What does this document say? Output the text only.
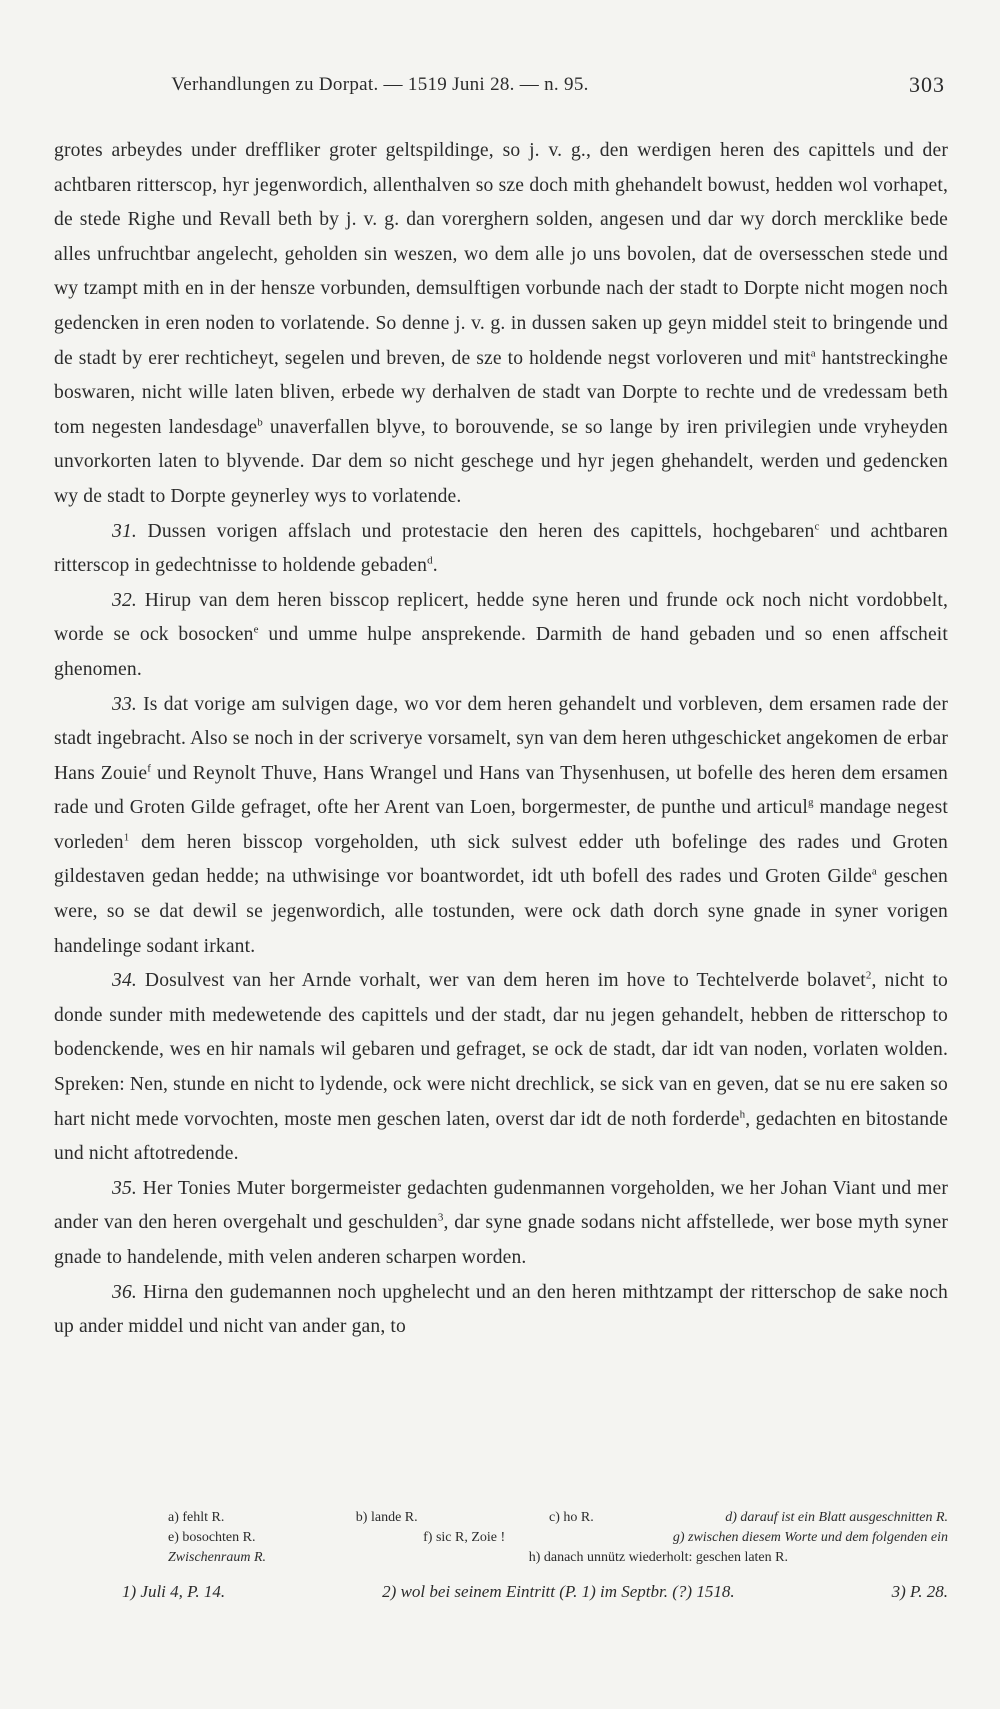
Verhandlungen zu Dorpat. — 1519 Juni 28. — n. 95.	303

grotes arbeydes under dreffliker groter geltspildinge, so j. v. g., den werdigen heren des capittels und der achtbaren ritterscop, hyr jegenwordich, allenthalven so sze doch mith ghehandelt bowust, hedden wol vorhapet, de stede Righe und Revall beth by j. v. g. dan vorerghern solden, angesen und dar wy dorch mercklike bede alles unfruchtbar angelecht, geholden sin weszen, wo dem alle jo uns bovolen, dat de oversesschen stede und wy tzampt mith en in der hensze vorbunden, demsulftigen vorbunde nach der stadt to Dorpte nicht mogen noch gedencken in eren noden to vorlatende. So denne j. v. g. in dussen saken up geyn middel steit to bringende und de stadt by erer rechticheyt, segelen und breven, de sze to holdende negst vorloveren und mit$^a$ hantstreckinghe boswaren, nicht wille laten bliven, erbede wy derhalven de stadt van Dorpte to rechte und de vredessam beth tom negesten landesdage$^b$ unaverfallen blyve, to borouvende, se so lange by iren privilegien unde vryheyden unvorkorten laten to blyvende. Dar dem so nicht geschege und hyr jegen ghehandelt, werden und gedencken wy de stadt to Dorpte geynerley wys to vorlatende.

31. Dussen vorigen affslach und protestacie den heren des capittels, hochgebaren$^c$ und achtbaren ritterscop in gedechtnisse to holdende gebaden$^d$.

32. Hirup van dem heren bisscop replicert, hedde syne heren und frunde ock noch nicht vordobbelt, worde se ock bosocken$^e$ und umme hulpe ansprekende. Darmith de hand gebaden und so enen affscheit ghenomen.

33. Is dat vorige am sulvigen dage, wo vor dem heren gehandelt und vorbleven, dem ersamen rade der stadt ingebracht. Also se noch in der scriverye vorsamelt, syn van dem heren uthgeschicket angekomen de erbar Hans Zouie$^f$ und Reynolt Thuve, Hans Wrangel und Hans van Thysenhusen, ut bofelle des heren dem ersamen rade und Groten Gilde gefraget, ofte her Arent van Loen, borgermester, de punthe und articul$^g$ mandage negest vorleden$^1$ dem heren bisscop vorgeholden, uth sick sulvest edder uth bofelinge des rades und Groten gildestaven gedan hedde; na uthwisinge vor boantwordet, idt uth bofell des rades und Groten Gilde$^a$ geschen were, so se dat dewil se jegenwordich, alle tostunden, were ock dath dorch syne gnade in syner vorigen handelinge sodant irkant.

34. Dosulvest van her Arnde vorhalt, wer van dem heren im hove to Techtelverde bolavet$^2$, nicht to donde sunder mith medewetende des capittels und der stadt, dar nu jegen gehandelt, hebben de ritterschop to bodenckende, wes en hir namals wil gebaren und gefraget, se ock de stadt, dar idt van noden, vorlaten wolden. Spreken: Nen, stunde en nicht to lydende, ock were nicht drechlick, se sick van en geven, dat se nu ere saken so hart nicht mede vorvochten, moste men geschen laten, overst dar idt de noth forderde$^h$, gedachten en bitostande und nicht aftotredende.

35. Her Tonies Muter borgermeister gedachten gudenmannen vorgeholden, we her Johan Viant und mer ander van den heren overgehalt und geschulden$^3$, dar syne gnade sodans nicht affstellede, wer bose myth syner gnade to handelende, mith velen anderen scharpen worden.

36. Hirna den gudemannen noch upghelecht und an den heren mithtzampt der ritterschop de sake noch up ander middel und nicht van ander gan, to

a) fehlt R.	b) lande R.	c) ho R.	d) darauf ist ein Blatt ausgeschnitten R.
e) bosochten R.	f) sic R, Zoie !	g) zwischen diesem Worte und dem folgenden ein
Zwischenraum R.	h) danach unnütz wiederholt: geschen laten R.
1) Juli 4, P. 14.	2) wol bei seinem Eintritt (P. 1) im Septbr. (?) 1518.	3) P. 28.
